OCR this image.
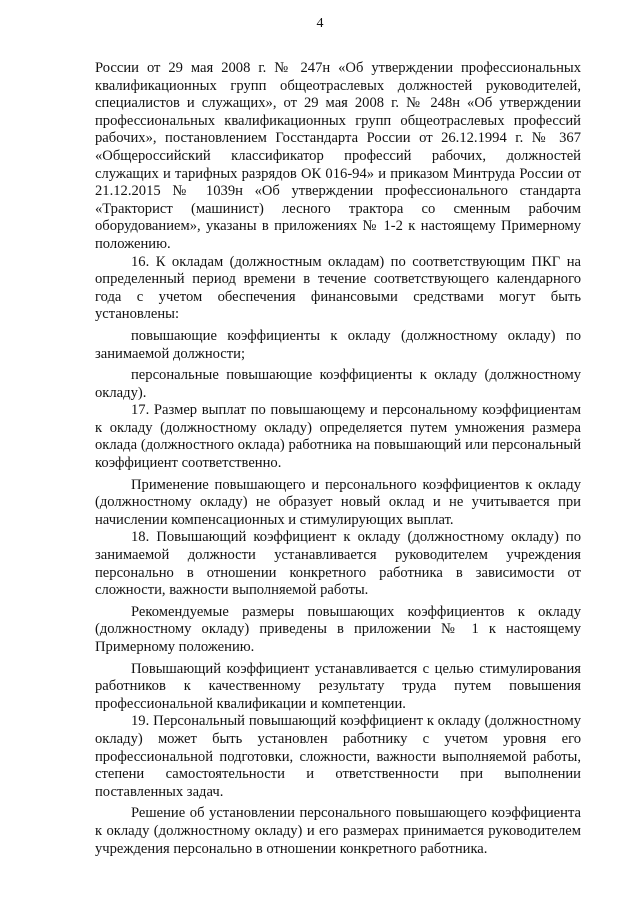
4

России от 29 мая 2008 г. № 247н «Об утверждении профессиональных квалификационных групп общеотраслевых должностей руководителей, специалистов и служащих», от 29 мая 2008 г. № 248н «Об утверждении профессиональных квалификационных групп общеотраслевых профессий рабочих», постановлением Госстандарта России от 26.12.1994 г. № 367 «Общероссийский классификатор профессий рабочих, должностей служащих и тарифных разрядов ОК 016-94» и приказом Минтруда России от 21.12.2015 № 1039н «Об утверждении профессионального стандарта «Тракторист (машинист) лесного трактора со сменным рабочим оборудованием», указаны в приложениях № 1-2 к настоящему Примерному положению.

16. К окладам (должностным окладам) по соответствующим ПКГ на определенный период времени в течение соответствующего календарного года с учетом обеспечения финансовыми средствами могут быть установлены:

повышающие коэффициенты к окладу (должностному окладу) по занимаемой должности;

персональные повышающие коэффициенты к окладу (должностному окладу).

17. Размер выплат по повышающему и персональному коэффициентам к окладу (должностному окладу) определяется путем умножения размера оклада (должностного оклада) работника на повышающий или персональный коэффициент соответственно.

Применение повышающего и персонального коэффициентов к окладу (должностному окладу) не образует новый оклад и не учитывается при начислении компенсационных и стимулирующих выплат.

18. Повышающий коэффициент к окладу (должностному окладу) по занимаемой должности устанавливается руководителем учреждения персонально в отношении конкретного работника в зависимости от сложности, важности выполняемой работы.

Рекомендуемые размеры повышающих коэффициентов к окладу (должностному окладу) приведены в приложении № 1 к настоящему Примерному положению.

Повышающий коэффициент устанавливается с целью стимулирования работников к качественному результату труда путем повышения профессиональной квалификации и компетенции.

19. Персональный повышающий коэффициент к окладу (должностному окладу) может быть установлен работнику с учетом уровня его профессиональной подготовки, сложности, важности выполняемой работы, степени самостоятельности и ответственности при выполнении поставленных задач.

Решение об установлении персонального повышающего коэффициента к окладу (должностному окладу) и его размерах принимается руководителем учреждения персонально в отношении конкретного работника.
